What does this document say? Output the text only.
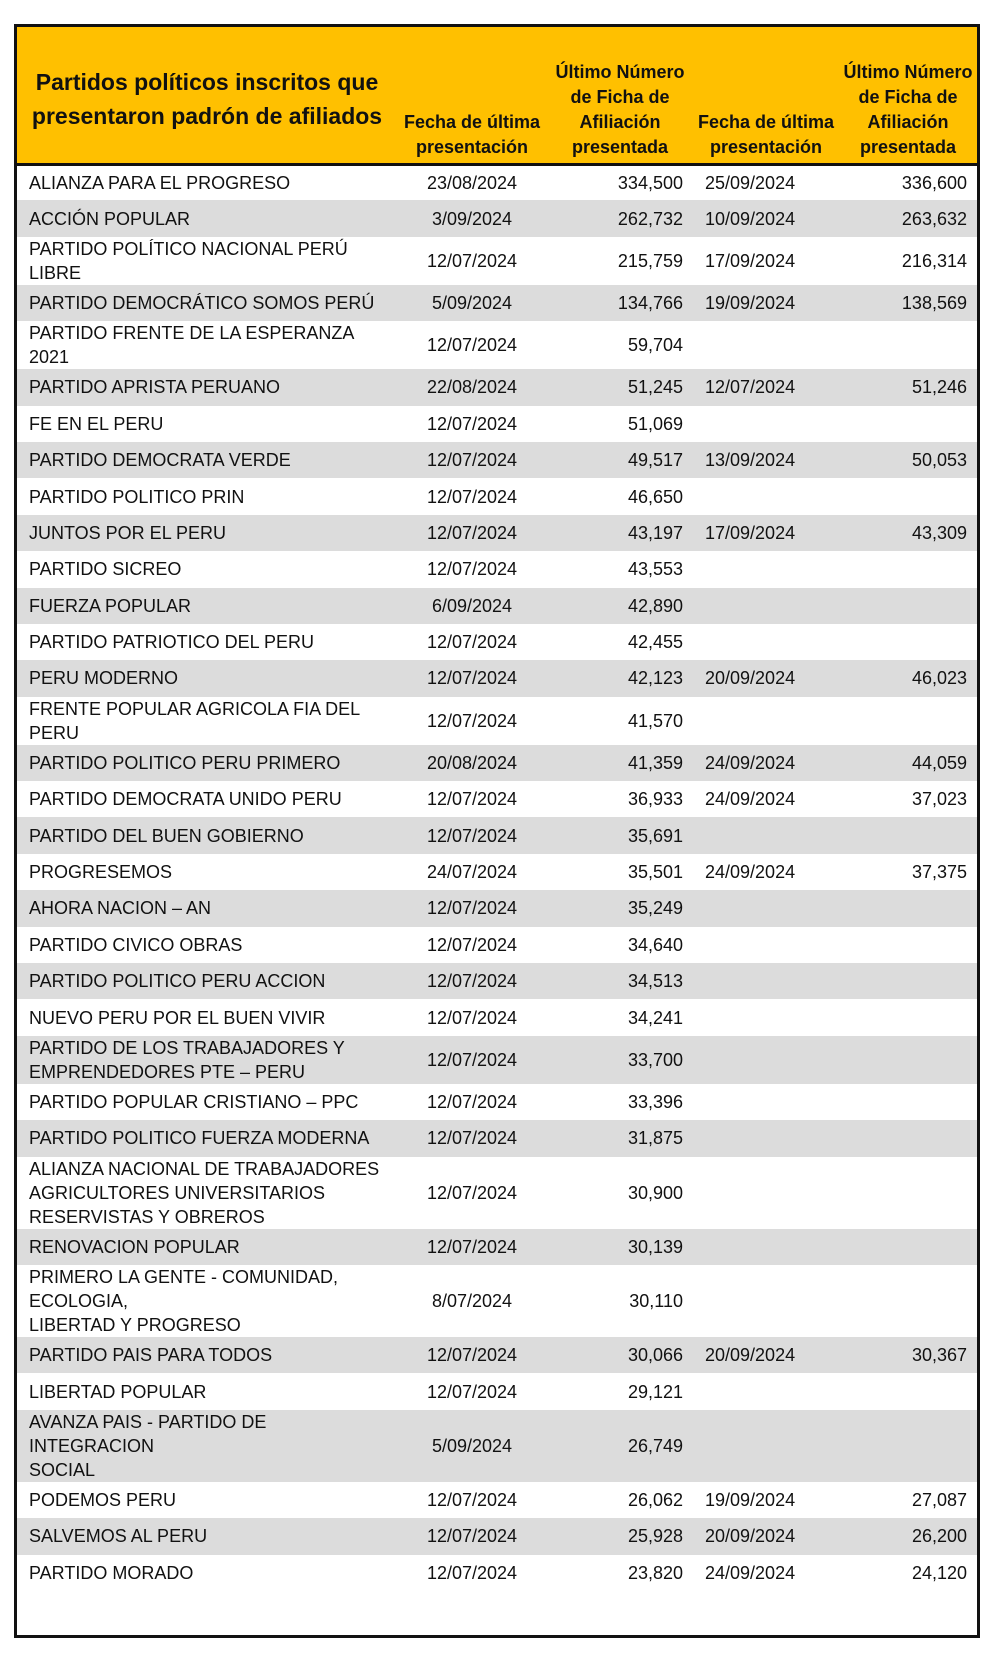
Partidos políticos inscritos que presentaron padrón de afiliados	Fecha de última presentación	Último Número de Ficha de Afiliación presentada	Fecha de última presentación	Último Número de Ficha de Afiliación presentada

ALIANZA PARA EL PROGRESO	23/08/2024	334,500	25/09/2024	336,600

ACCIÓN POPULAR	3/09/2024	262,732	10/09/2024	263,632

PARTIDO POLÍTICO NACIONAL PERÚ LIBRE	12/07/2024	215,759	17/09/2024	216,314

PARTIDO DEMOCRÁTICO SOMOS PERÚ	5/09/2024	134,766	19/09/2024	138,569

PARTIDO FRENTE DE LA ESPERANZA 2021	12/07/2024	59,704		

PARTIDO APRISTA PERUANO	22/08/2024	51,245	12/07/2024	51,246

FE EN EL PERU	12/07/2024	51,069		

PARTIDO DEMOCRATA VERDE	12/07/2024	49,517	13/09/2024	50,053

PARTIDO POLITICO PRIN	12/07/2024	46,650		

JUNTOS POR EL PERU	12/07/2024	43,197	17/09/2024	43,309

PARTIDO SICREO	12/07/2024	43,553		

FUERZA POPULAR	6/09/2024	42,890		

PARTIDO PATRIOTICO DEL PERU	12/07/2024	42,455		

PERU MODERNO	12/07/2024	42,123	20/09/2024	46,023

FRENTE POPULAR AGRICOLA FIA DEL
PERU	12/07/2024	41,570		

PARTIDO POLITICO PERU PRIMERO	20/08/2024	41,359	24/09/2024	44,059

PARTIDO DEMOCRATA UNIDO PERU	12/07/2024	36,933	24/09/2024	37,023

PARTIDO DEL BUEN GOBIERNO	12/07/2024	35,691		

PROGRESEMOS	24/07/2024	35,501	24/09/2024	37,375

AHORA NACION – AN	12/07/2024	35,249		

PARTIDO CIVICO OBRAS	12/07/2024	34,640		

PARTIDO POLITICO PERU ACCION	12/07/2024	34,513		

NUEVO PERU POR EL BUEN VIVIR	12/07/2024	34,241		

PARTIDO DE LOS TRABAJADORES Y
EMPRENDEDORES PTE – PERU	12/07/2024	33,700		

PARTIDO POPULAR CRISTIANO – PPC	12/07/2024	33,396		

PARTIDO POLITICO FUERZA MODERNA	12/07/2024	31,875		

ALIANZA NACIONAL DE TRABAJADORES
AGRICULTORES UNIVERSITARIOS
RESERVISTAS Y OBREROS	12/07/2024	30,900		

RENOVACION POPULAR	12/07/2024	30,139		

PRIMERO LA GENTE - COMUNIDAD,
ECOLOGIA,
LIBERTAD Y PROGRESO	8/07/2024	30,110		

PARTIDO PAIS PARA TODOS	12/07/2024	30,066	20/09/2024	30,367

LIBERTAD POPULAR	12/07/2024	29,121		

AVANZA PAIS - PARTIDO DE INTEGRACION
SOCIAL	5/09/2024	26,749		

PODEMOS PERU	12/07/2024	26,062	19/09/2024	27,087

SALVEMOS AL PERU	12/07/2024	25,928	20/09/2024	26,200

PARTIDO MORADO	12/07/2024	23,820	24/09/2024	24,120
